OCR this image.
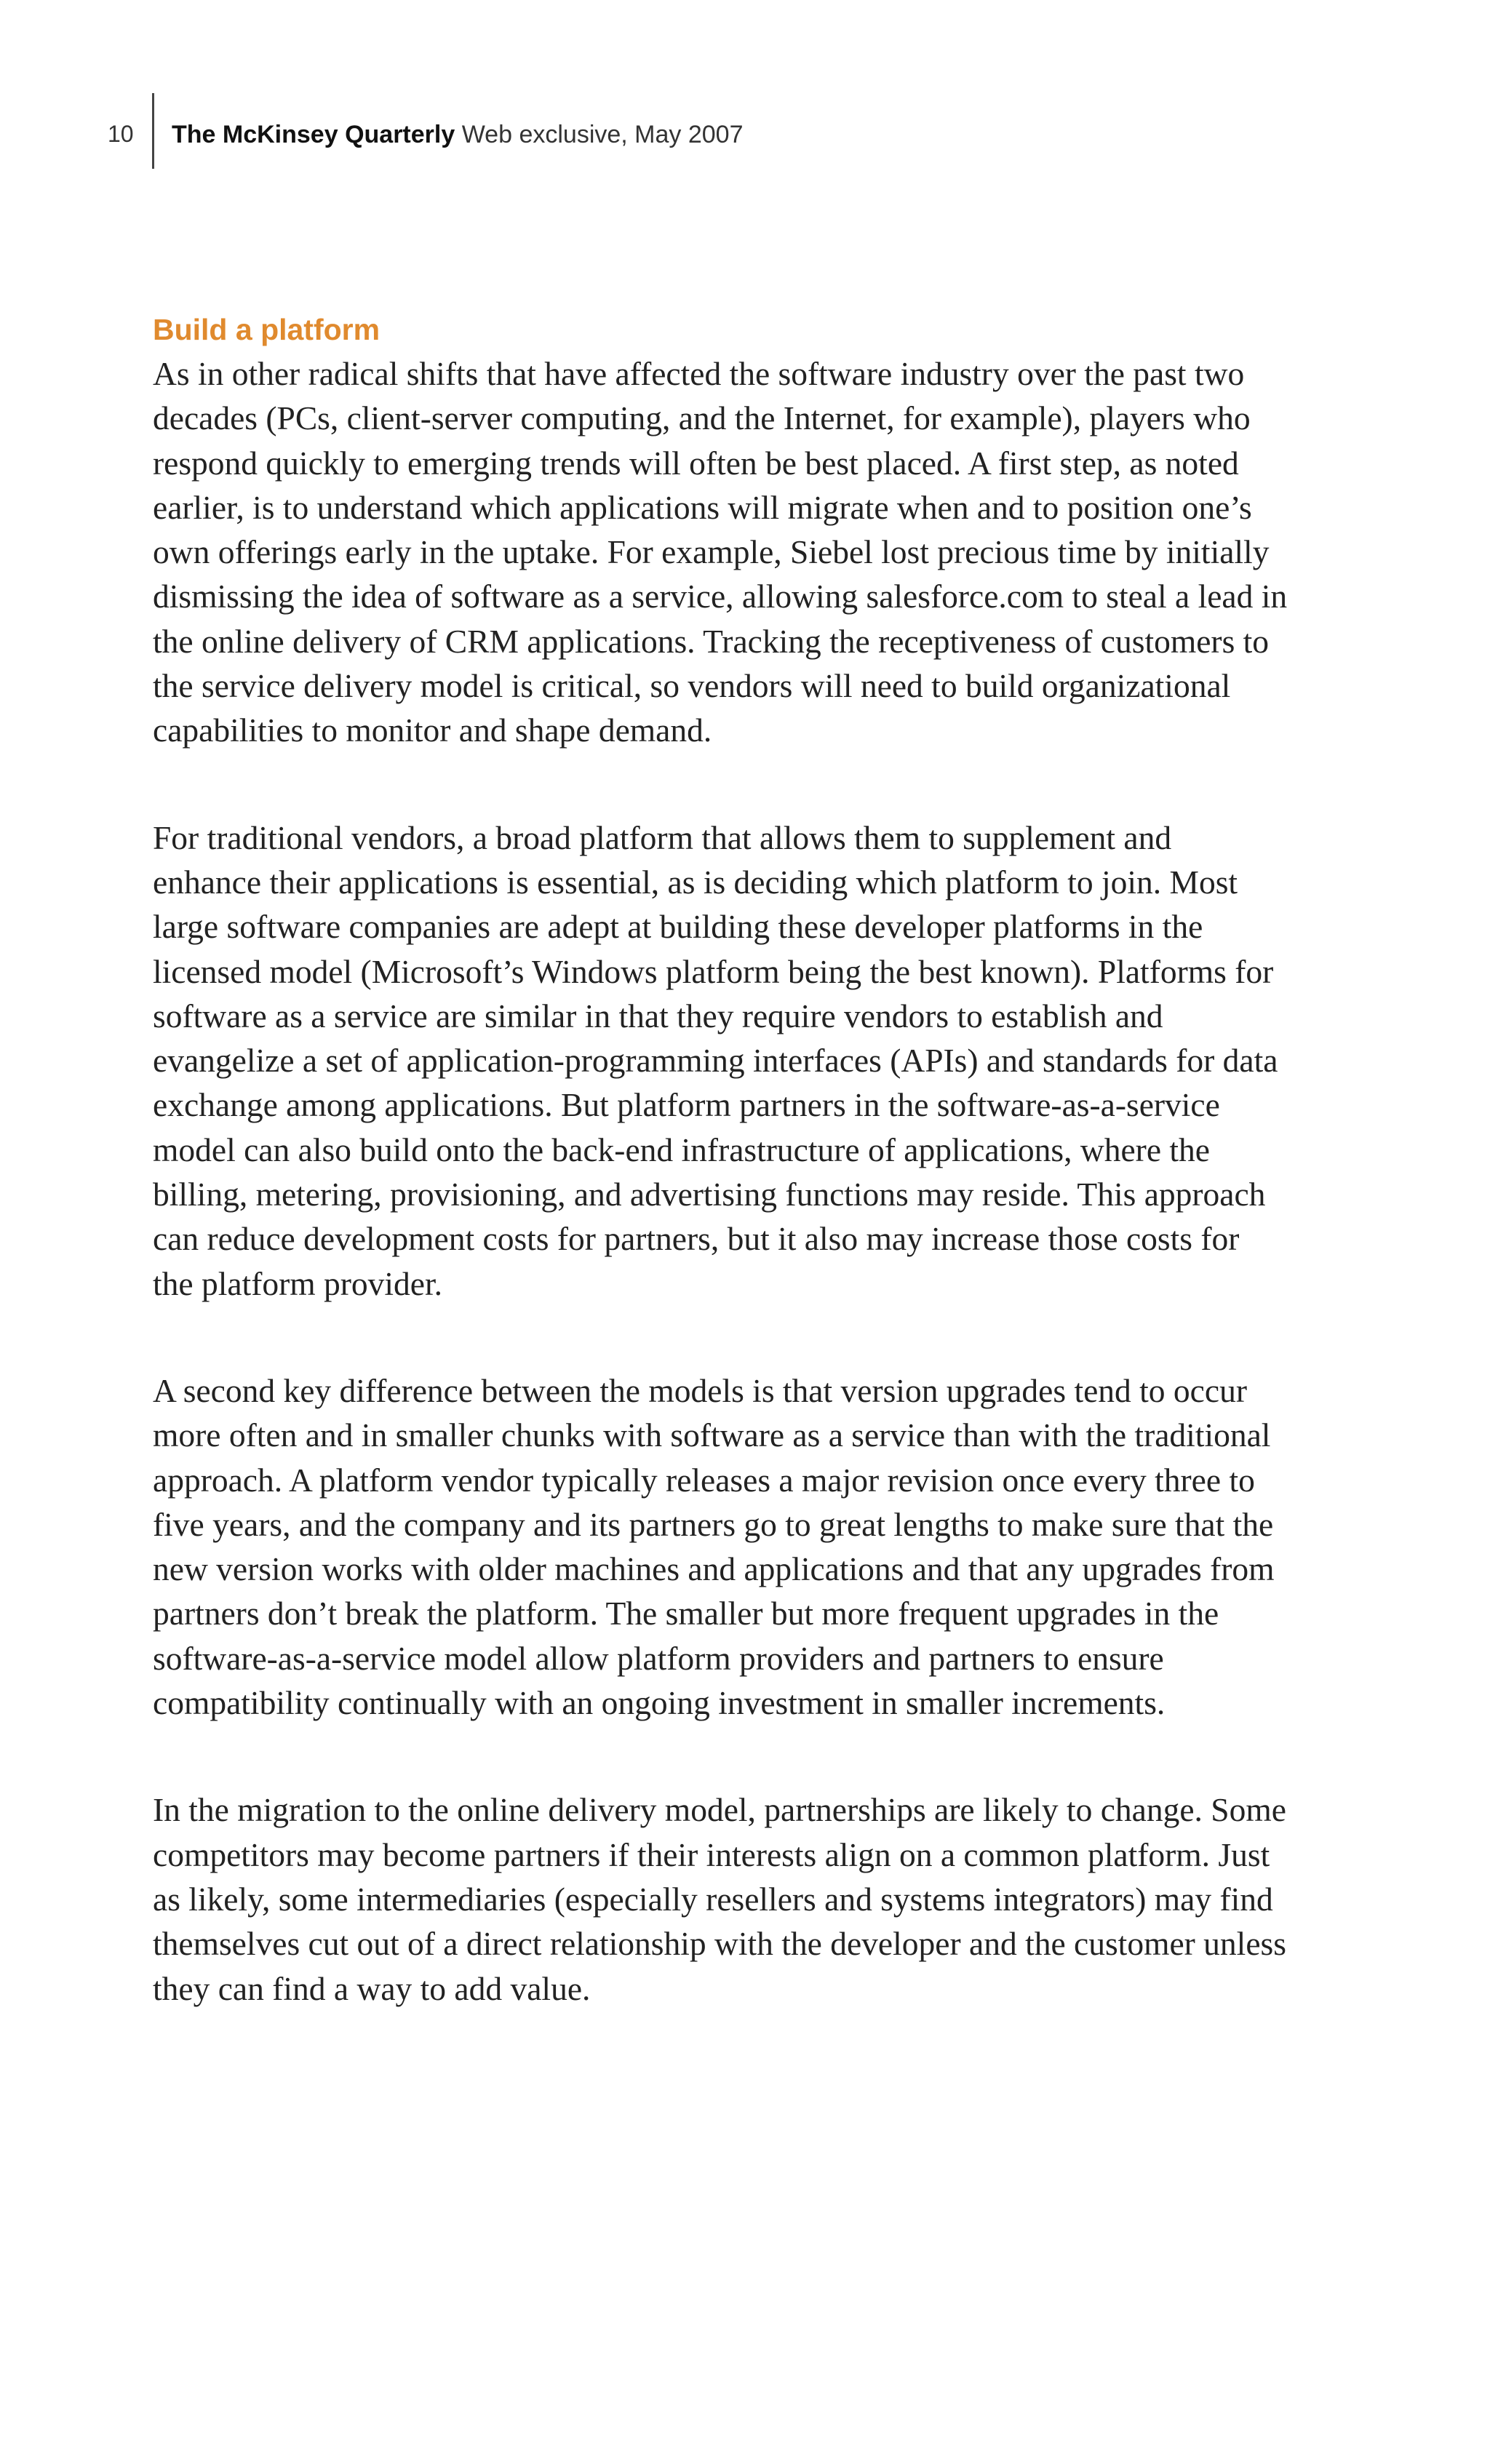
10 The McKinsey Quarterly Web exclusive, May 2007
Build a platform

As in other radical shifts that have affected the software industry over the past two decades (PCs, client-server computing, and the Internet, for example), players who respond quickly to emerging trends will often be best placed. A first step, as noted earlier, is to understand which applications will migrate when and to position one’s own offerings early in the uptake. For example, Siebel lost precious time by initially dismissing the idea of software as a service, allowing salesforce.com to steal a lead in the online delivery of CRM applications. Tracking the receptiveness of customers to the service delivery model is critical, so vendors will need to build organizational capabilities to monitor and shape demand.

For traditional vendors, a broad platform that allows them to supplement and enhance their applications is essential, as is deciding which platform to join. Most large software companies are adept at building these developer platforms in the licensed model (Microsoft’s Windows platform being the best known). Platforms for software as a service are similar in that they require vendors to establish and evangelize a set of application-programming interfaces (APIs) and standards for data exchange among applications. But platform partners in the software-as-a-service model can also build onto the back-end infrastructure of applications, where the billing, metering, provisioning, and advertising functions may reside. This approach can reduce development costs for partners, but it also may increase those costs for the platform provider.

A second key difference between the models is that version upgrades tend to occur more often and in smaller chunks with software as a service than with the traditional approach. A platform vendor typically releases a major revision once every three to five years, and the company and its partners go to great lengths to make sure that the new version works with older machines and applications and that any upgrades from partners don’t break the platform. The smaller but more frequent upgrades in the software-as-a-service model allow platform providers and partners to ensure compatibility continually with an ongoing investment in smaller increments.

In the migration to the online delivery model, partnerships are likely to change. Some competitors may become partners if their interests align on a common platform. Just as likely, some intermediaries (especially resellers and systems integrators) may find themselves cut out of a direct relationship with the developer and the customer unless they can find a way to add value.
